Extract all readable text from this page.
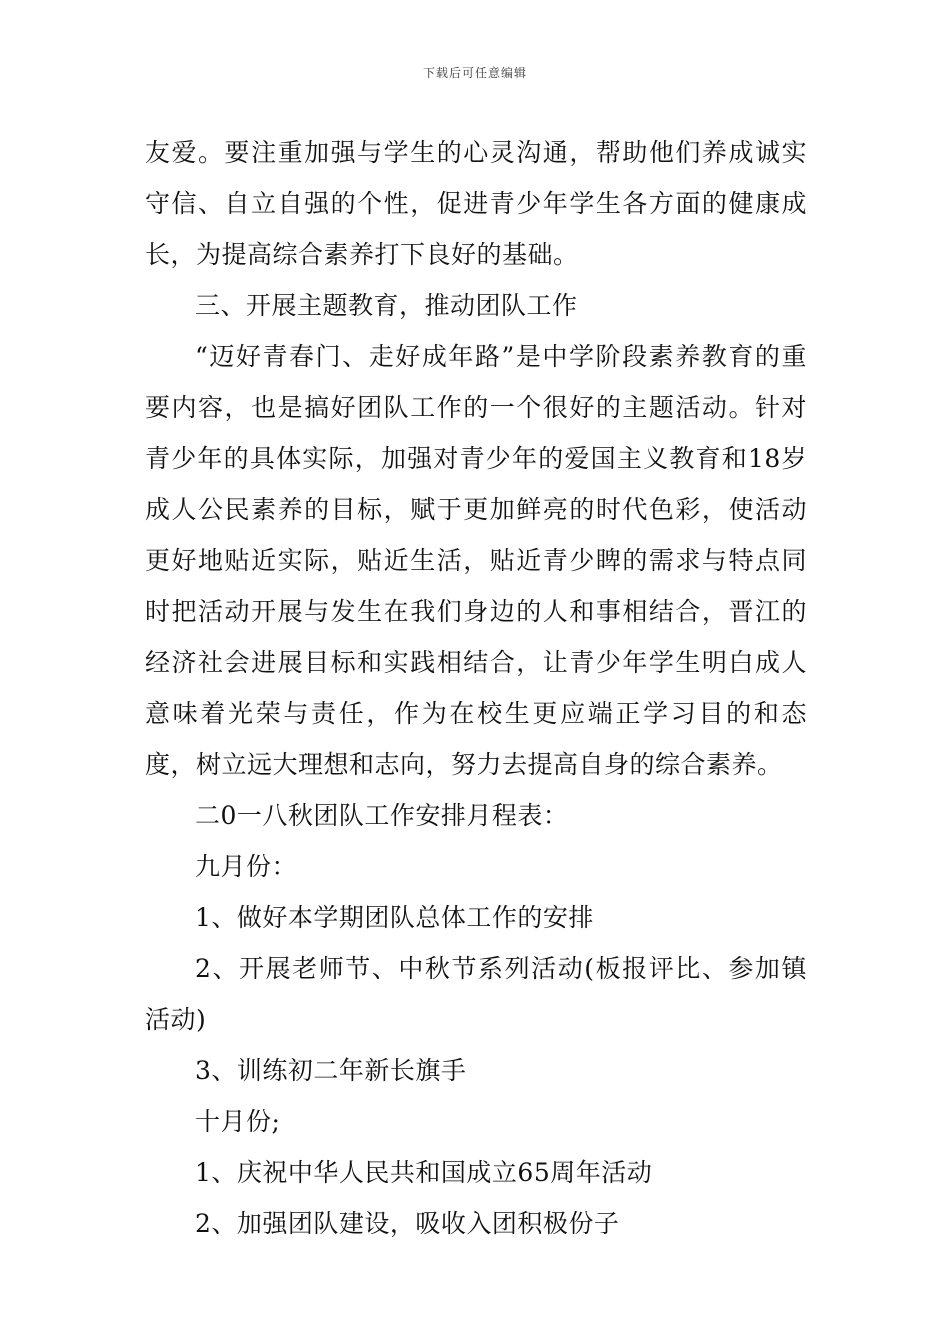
下载后可任意编辑

友爱。要注重加强与学生的心灵沟通，帮助他们养成诚实守信、自立自强的个性，促进青少年学生各方面的健康成长，为提高综合素养打下良好的基础。

三、开展主题教育，推动团队工作

“迈好青春门、走好成年路”是中学阶段素养教育的重要内容，也是搞好团队工作的一个很好的主题活动。针对青少年的具体实际，加强对青少年的爱国主义教育和18岁成人公民素养的目标，赋于更加鲜亮的时代色彩，使活动更好地贴近实际，贴近生活，贴近青少睥的需求与特点同时把活动开展与发生在我们身边的人和事相结合，晋江的经济社会进展目标和实践相结合，让青少年学生明白成人意味着光荣与责任，作为在校生更应端正学习目的和态度，树立远大理想和志向，努力去提高自身的综合素养。

二0一八秋团队工作安排月程表：

九月份：

1、做好本学期团队总体工作的安排

2、开展老师节、中秋节系列活动(板报评比、参加镇活动)

3、训练初二年新长旗手

十月份;

1、庆祝中华人民共和国成立65周年活动

2、加强团队建设，吸收入团积极份子
